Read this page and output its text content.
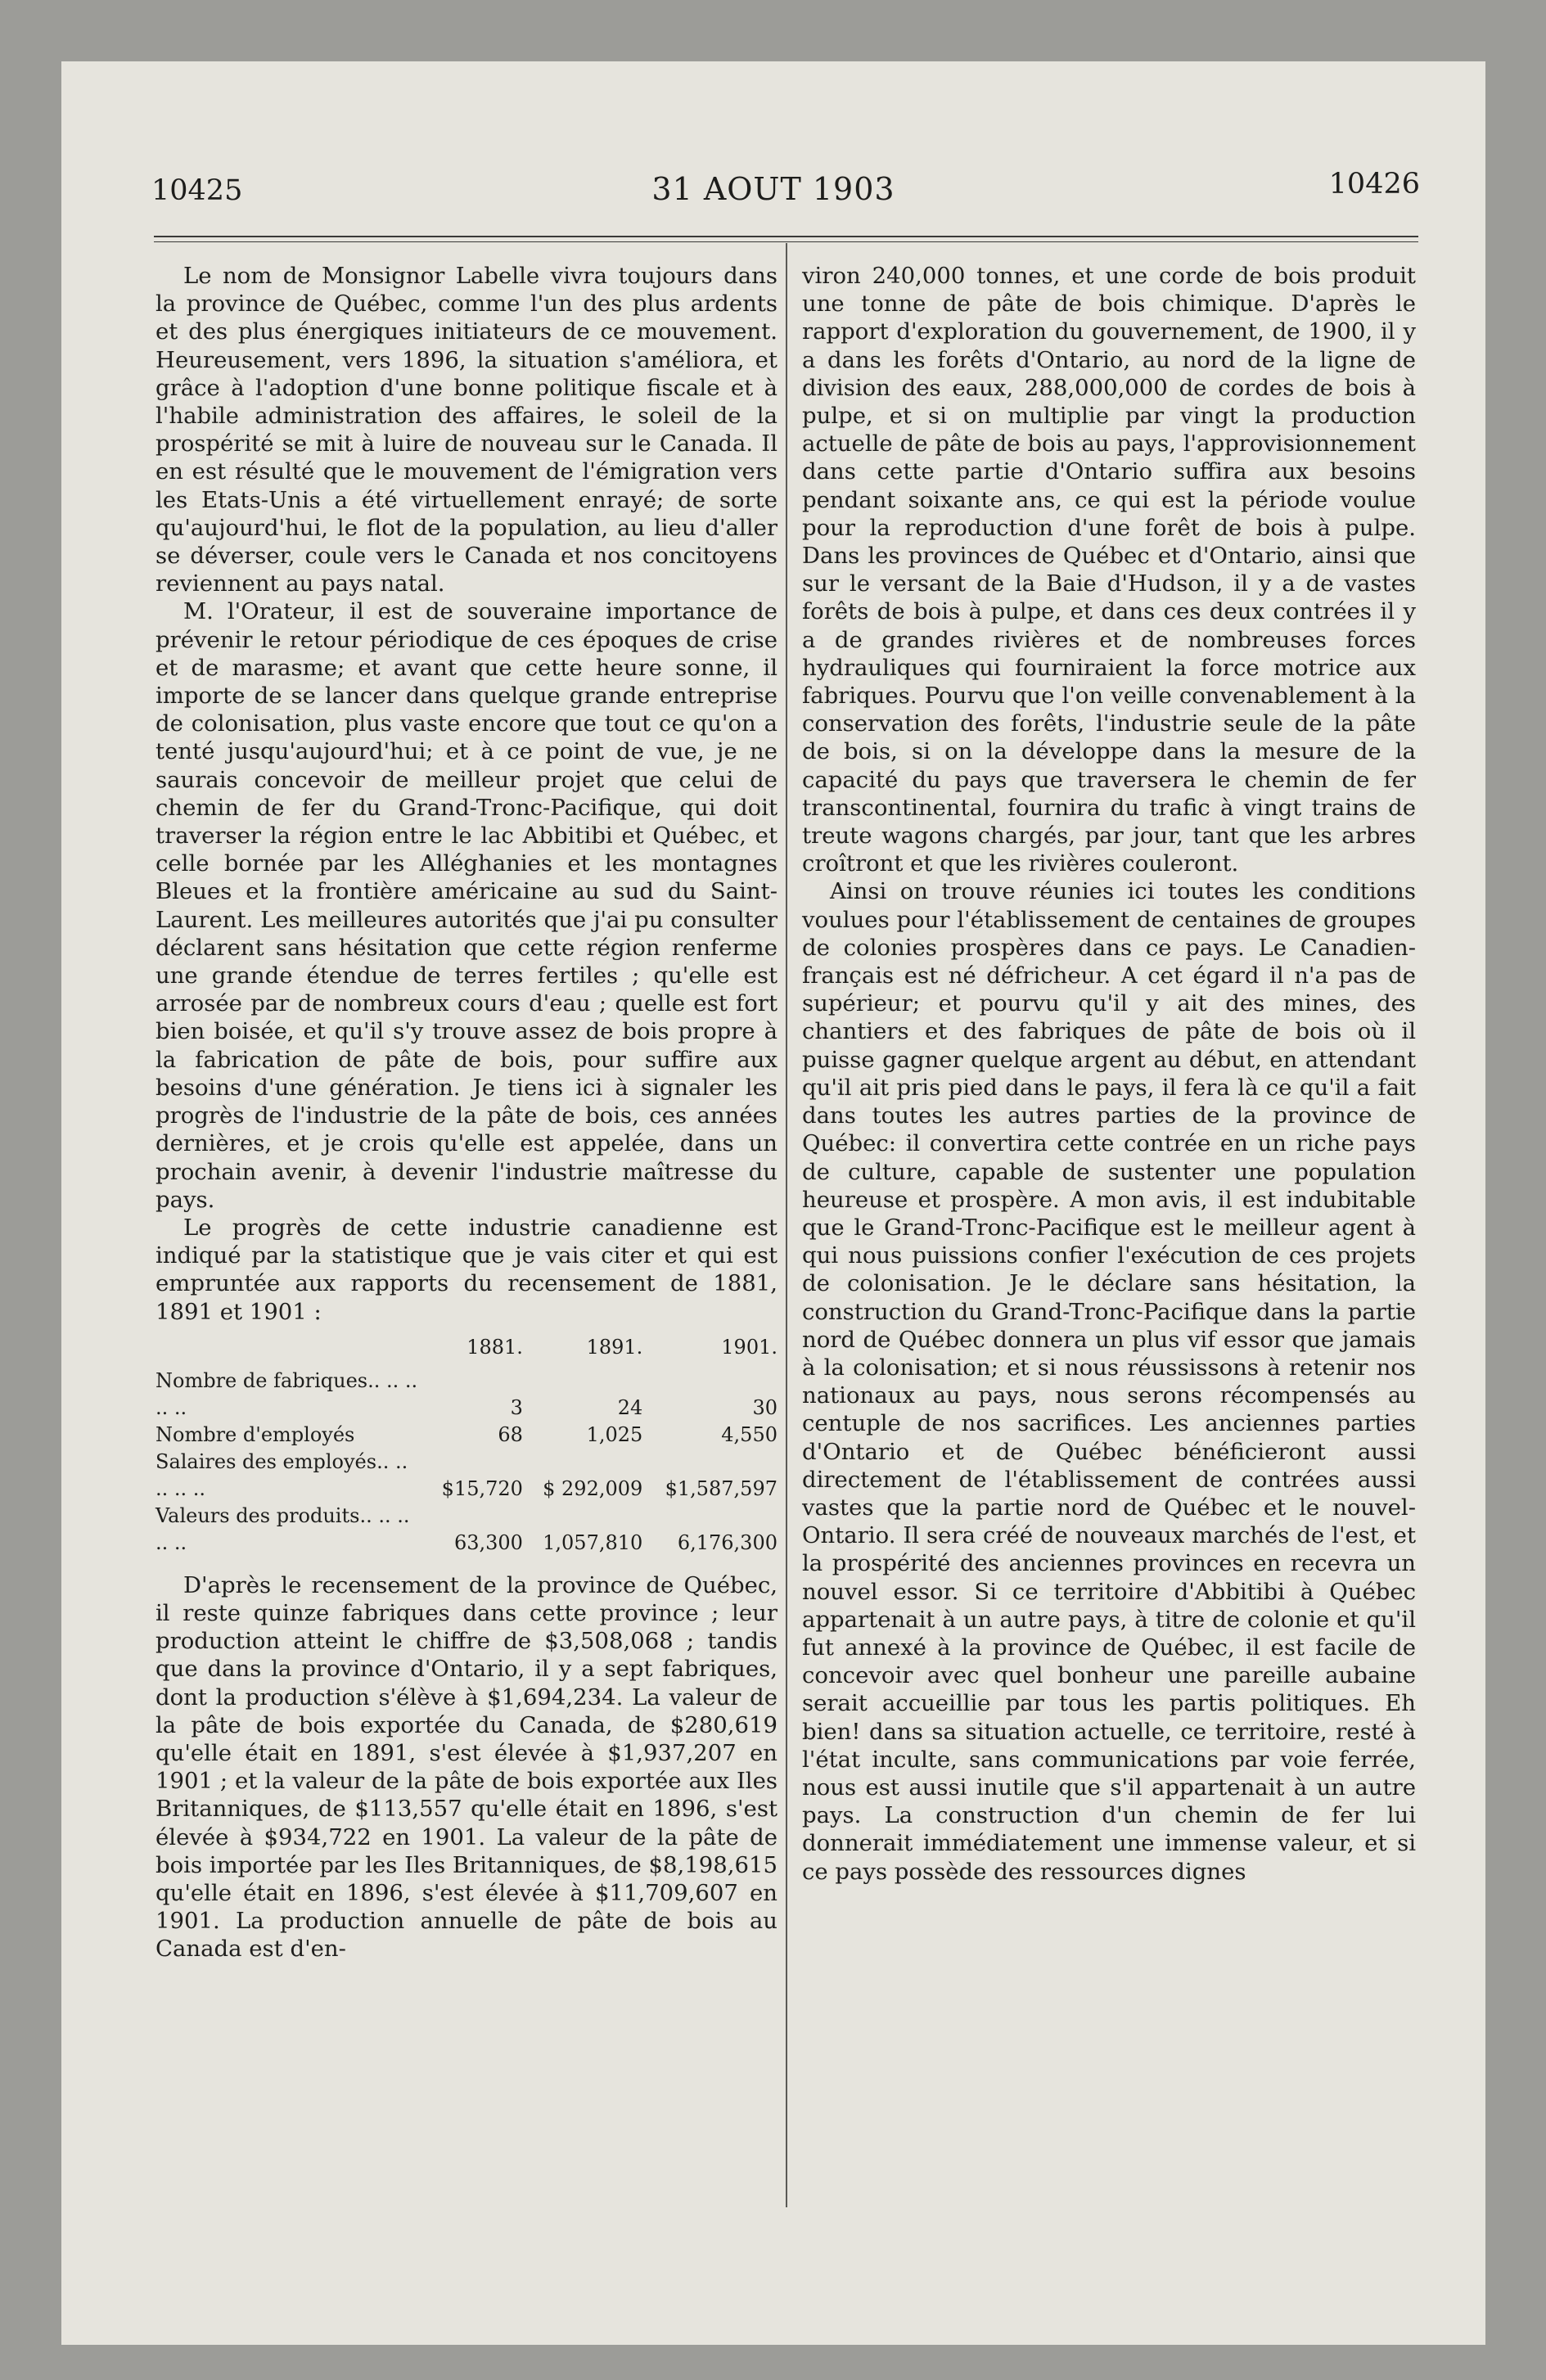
10425	31 AOUT 1903	10426

Le nom de Monsignor Labelle vivra toujours dans la province de Québec, comme l'un des plus ardents et des plus énergiques initiateurs de ce mouvement. Heureusement, vers 1896, la situation s'améliora, et grâce à l'adoption d'une bonne politique fiscale et à l'habile administration des affaires, le soleil de la prospérité se mit à luire de nouveau sur le Canada. Il en est résulté que le mouvement de l'émigration vers les Etats-Unis a été virtuellement enrayé; de sorte qu'aujourd'hui, le flot de la population, au lieu d'aller se déverser, coule vers le Canada et nos concitoyens reviennent au pays natal.

M. l'Orateur, il est de souveraine importance de prévenir le retour périodique de ces époques de crise et de marasme; et avant que cette heure sonne, il importe de se lancer dans quelque grande entreprise de colonisation, plus vaste encore que tout ce qu'on a tenté jusqu'aujourd'hui; et à ce point de vue, je ne saurais concevoir de meilleur projet que celui de chemin de fer du Grand-Tronc-Pacifique, qui doit traverser la région entre le lac Abbitibi et Québec, et celle bornée par les Alléghanies et les montagnes Bleues et la frontière américaine au sud du Saint-Laurent. Les meilleures autorités que j'ai pu consulter déclarent sans hésitation que cette région renferme une grande étendue de terres fertiles ; qu'elle est arrosée par de nombreux cours d'eau ; quelle est fort bien boisée, et qu'il s'y trouve assez de bois propre à la fabrication de pâte de bois, pour suffire aux besoins d'une génération. Je tiens ici à signaler les progrès de l'industrie de la pâte de bois, ces années dernières, et je crois qu'elle est appelée, dans un prochain avenir, à devenir l'industrie maîtresse du pays.

Le progrès de cette industrie canadienne est indiqué par la statistique que je vais citer et qui est empruntée aux rapports du recensement de 1881, 1891 et 1901 :

	1881.	1891.	1901.
Nombre de fabriques.. .. .. .. ..	3	24	30
Nombre d'employés	68	1,025	4,550
Salaires des employés.. .. .. .. ..	$15,720	$ 292,009	$1,587,597
Valeurs des produits.. .. .. .. ..	63,300	1,057,810	6,176,300

D'après le recensement de la province de Québec, il reste quinze fabriques dans cette province ; leur production atteint le chiffre de $3,508,068 ; tandis que dans la province d'Ontario, il y a sept fabriques, dont la production s'élève à $1,694,234. La valeur de la pâte de bois exportée du Canada, de $280,619 qu'elle était en 1891, s'est élevée à $1,937,207 en 1901 ; et la valeur de la pâte de bois exportée aux Iles Britanniques, de $113,557 qu'elle était en 1896, s'est élevée à $934,722 en 1901. La valeur de la pâte de bois importée par les Iles Britanniques, de $8,198,615 qu'elle était en 1896, s'est élevée à $11,709,607 en 1901. La production annuelle de pâte de bois au Canada est d'en-

viron 240,000 tonnes, et une corde de bois produit une tonne de pâte de bois chimique. D'après le rapport d'exploration du gouvernement, de 1900, il y a dans les forêts d'Ontario, au nord de la ligne de division des eaux, 288,000,000 de cordes de bois à pulpe, et si on multiplie par vingt la production actuelle de pâte de bois au pays, l'approvisionnement dans cette partie d'Ontario suffira aux besoins pendant soixante ans, ce qui est la période voulue pour la reproduction d'une forêt de bois à pulpe. Dans les provinces de Québec et d'Ontario, ainsi que sur le versant de la Baie d'Hudson, il y a de vastes forêts de bois à pulpe, et dans ces deux contrées il y a de grandes rivières et de nombreuses forces hydrauliques qui fourniraient la force motrice aux fabriques. Pourvu que l'on veille convenablement à la conservation des forêts, l'industrie seule de la pâte de bois, si on la développe dans la mesure de la capacité du pays que traversera le chemin de fer transcontinental, fournira du trafic à vingt trains de treute wagons chargés, par jour, tant que les arbres croîtront et que les rivières couleront.

Ainsi on trouve réunies ici toutes les conditions voulues pour l'établissement de centaines de groupes de colonies prospères dans ce pays. Le Canadien-français est né défricheur. A cet égard il n'a pas de supérieur; et pourvu qu'il y ait des mines, des chantiers et des fabriques de pâte de bois où il puisse gagner quelque argent au début, en attendant qu'il ait pris pied dans le pays, il fera là ce qu'il a fait dans toutes les autres parties de la province de Québec: il convertira cette contrée en un riche pays de culture, capable de sustenter une population heureuse et prospère. A mon avis, il est indubitable que le Grand-Tronc-Pacifique est le meilleur agent à qui nous puissions confier l'exécution de ces projets de colonisation. Je le déclare sans hésitation, la construction du Grand-Tronc-Pacifique dans la partie nord de Québec donnera un plus vif essor que jamais à la colonisation; et si nous réussissons à retenir nos nationaux au pays, nous serons récompensés au centuple de nos sacrifices. Les anciennes parties d'Ontario et de Québec bénéficieront aussi directement de l'établissement de contrées aussi vastes que la partie nord de Québec et le nouvel-Ontario. Il sera créé de nouveaux marchés de l'est, et la prospérité des anciennes provinces en recevra un nouvel essor. Si ce territoire d'Abbitibi à Québec appartenait à un autre pays, à titre de colonie et qu'il fut annexé à la province de Québec, il est facile de concevoir avec quel bonheur une pareille aubaine serait accueillie par tous les partis politiques. Eh bien! dans sa situation actuelle, ce territoire, resté à l'état inculte, sans communications par voie ferrée, nous est aussi inutile que s'il appartenait à un autre pays. La construction d'un chemin de fer lui donnerait immédiatement une immense valeur, et si ce pays possède des ressources dignes
